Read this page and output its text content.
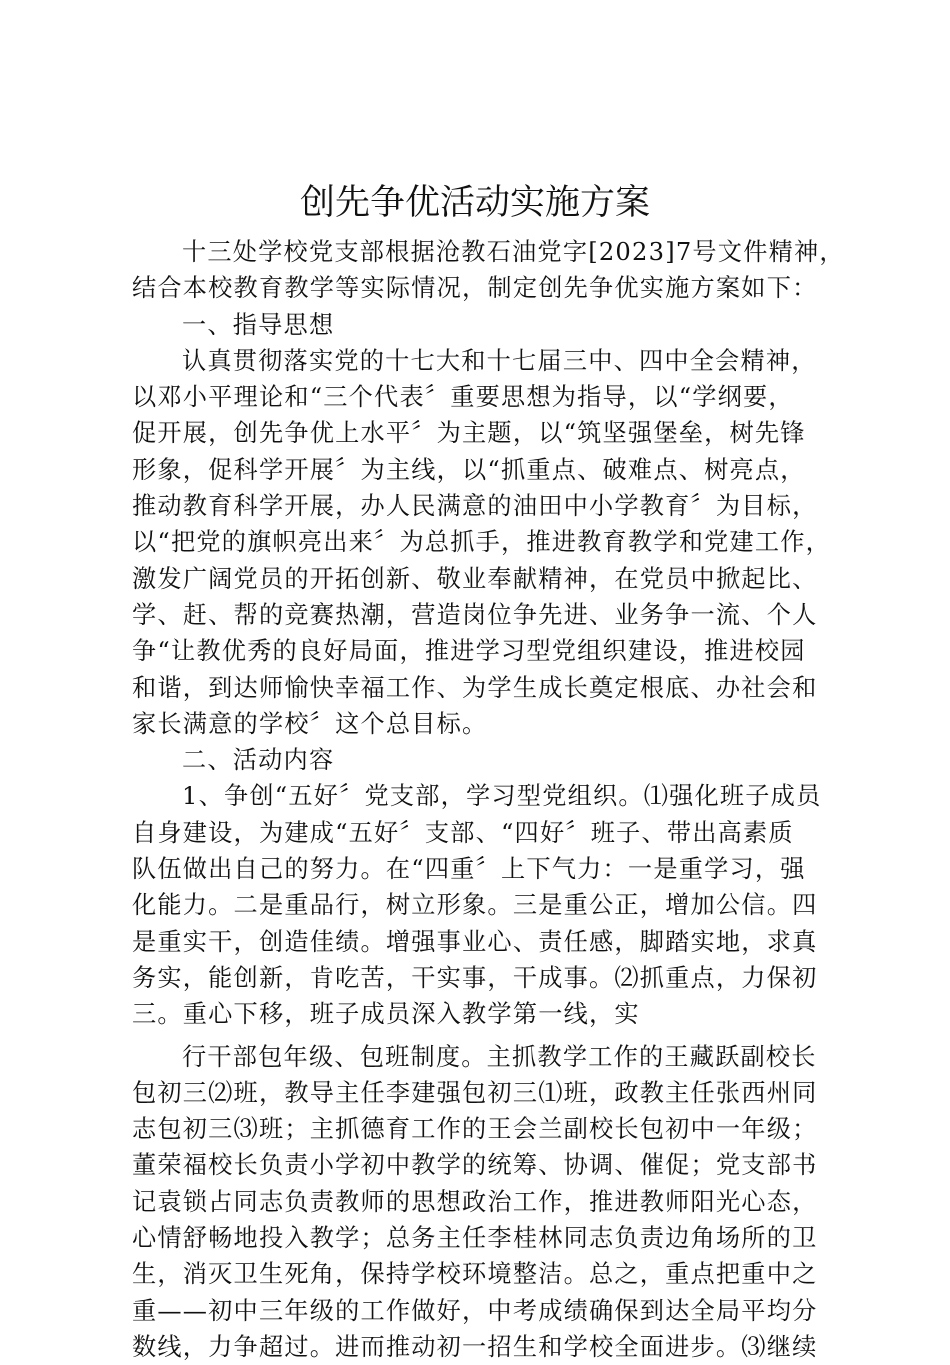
创先争优活动实施方案
十三处学校党支部根据沧教石油党字[2023]7号文件精神，
结合本校教育教学等实际情况，制定创先争优实施方案如下：
一、指导思想
认真贯彻落实党的十七大和十七届三中、四中全会精神，
以邓小平理论和“三个代表〞重要思想为指导，以“学纲要，
促开展，创先争优上水平〞为主题，以“筑坚强堡垒，树先锋
形象，促科学开展〞为主线，以“抓重点、破难点、树亮点，
推动教育科学开展，办人民满意的油田中小学教育〞为目标，
以“把党的旗帜亮出来〞为总抓手，推进教育教学和党建工作，
激发广阔党员的开拓创新、敬业奉献精神，在党员中掀起比、
学、赶、帮的竞赛热潮，营造岗位争先进、业务争一流、个人
争“让教优秀的良好局面，推进学习型党组织建设，推进校园
和谐，到达师愉快幸福工作、为学生成长奠定根底、办社会和
家长满意的学校〞这个总目标。
二、活动内容
1、争创“五好〞党支部，学习型党组织。⑴强化班子成员
自身建设，为建成“五好〞支部、“四好〞班子、带出高素质
队伍做出自己的努力。在“四重〞上下气力：一是重学习，强
化能力。二是重品行，树立形象。三是重公正，增加公信。四
是重实干，创造佳绩。增强事业心、责任感，脚踏实地，求真
务实，能创新，肯吃苦，干实事，干成事。⑵抓重点，力保初
三。重心下移，班子成员深入教学第一线，实
行干部包年级、包班制度。主抓教学工作的王藏跃副校长
包初三⑵班，教导主任李建强包初三⑴班，政教主任张西州同
志包初三⑶班；主抓德育工作的王会兰副校长包初中一年级；
董荣福校长负责小学初中教学的统筹、协调、催促；党支部书
记袁锁占同志负责教师的思想政治工作，推进教师阳光心态，
心情舒畅地投入教学；总务主任李桂林同志负责边角场所的卫
生，消灭卫生死角，保持学校环境整洁。总之，重点把重中之
重——初中三年级的工作做好，中考成绩确保到达全局平均分
数线，力争超过。进而推动初一招生和学校全面进步。⑶继续
